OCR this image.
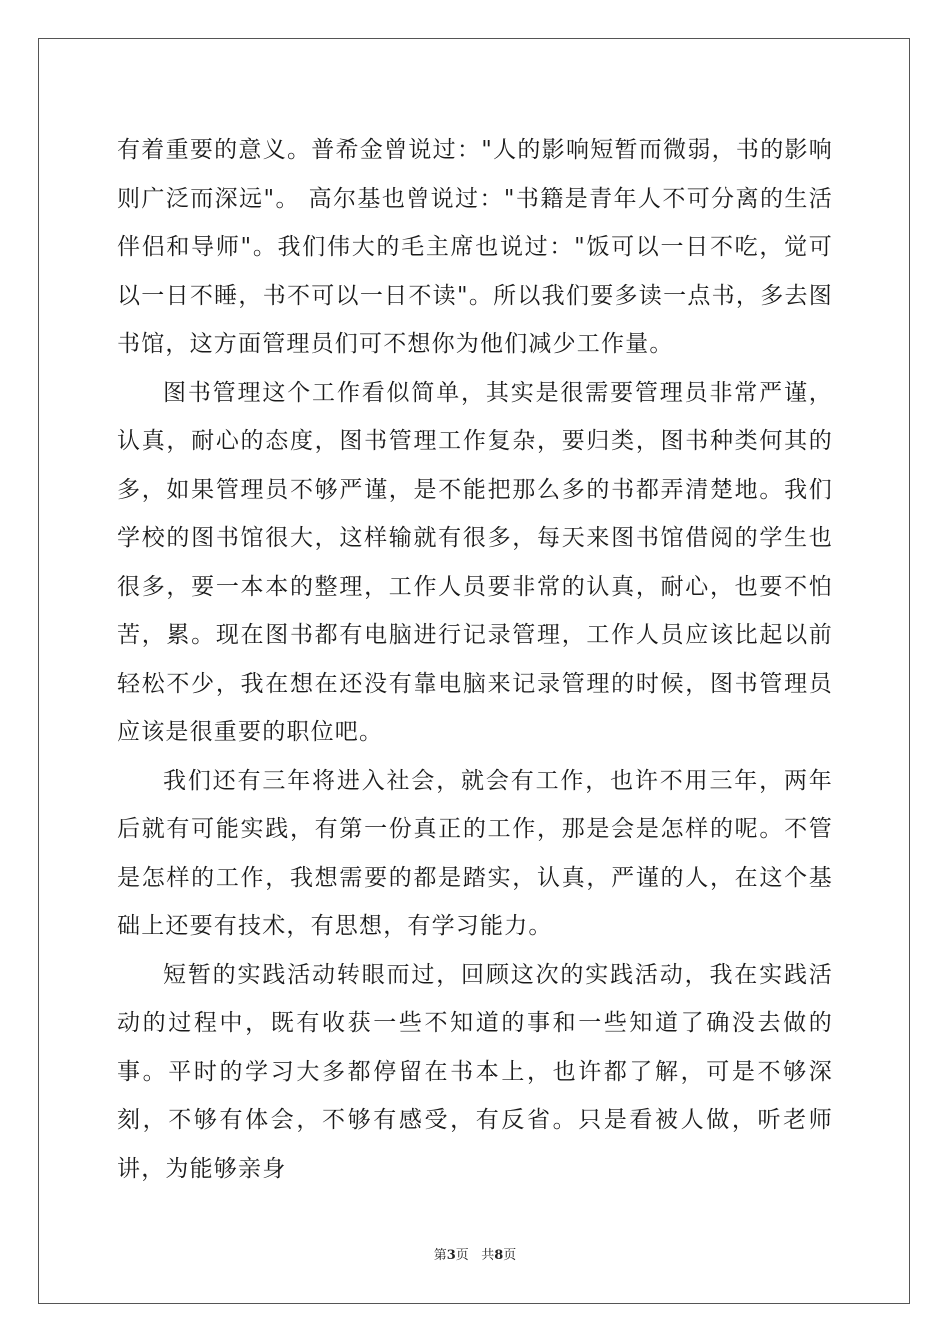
有着重要的意义。普希金曾说过："人的影响短暂而微弱，书的影响则广泛而深远"。 高尔基也曾说过："书籍是青年人不可分离的生活伴侣和导师"。我们伟大的毛主席也说过："饭可以一日不吃，觉可以一日不睡，书不可以一日不读"。所以我们要多读一点书，多去图书馆，这方面管理员们可不想你为他们减少工作量。

图书管理这个工作看似简单，其实是很需要管理员非常严谨，认真，耐心的态度，图书管理工作复杂，要归类，图书种类何其的多，如果管理员不够严谨，是不能把那么多的书都弄清楚地。我们学校的图书馆很大，这样输就有很多，每天来图书馆借阅的学生也很多，要一本本的整理，工作人员要非常的认真，耐心，也要不怕苦，累。现在图书都有电脑进行记录管理，工作人员应该比起以前轻松不少，我在想在还没有靠电脑来记录管理的时候，图书管理员应该是很重要的职位吧。

我们还有三年将进入社会，就会有工作，也许不用三年，两年后就有可能实践，有第一份真正的工作，那是会是怎样的呢。不管是怎样的工作，我想需要的都是踏实，认真，严谨的人，在这个基础上还要有技术，有思想，有学习能力。

短暂的实践活动转眼而过，回顾这次的实践活动，我在实践活动的过程中，既有收获一些不知道的事和一些知道了确没去做的事。平时的学习大多都停留在书本上，也许都了解，可是不够深刻，不够有体会，不够有感受，有反省。只是看被人做，听老师讲，为能够亲身

第3页   共8页
